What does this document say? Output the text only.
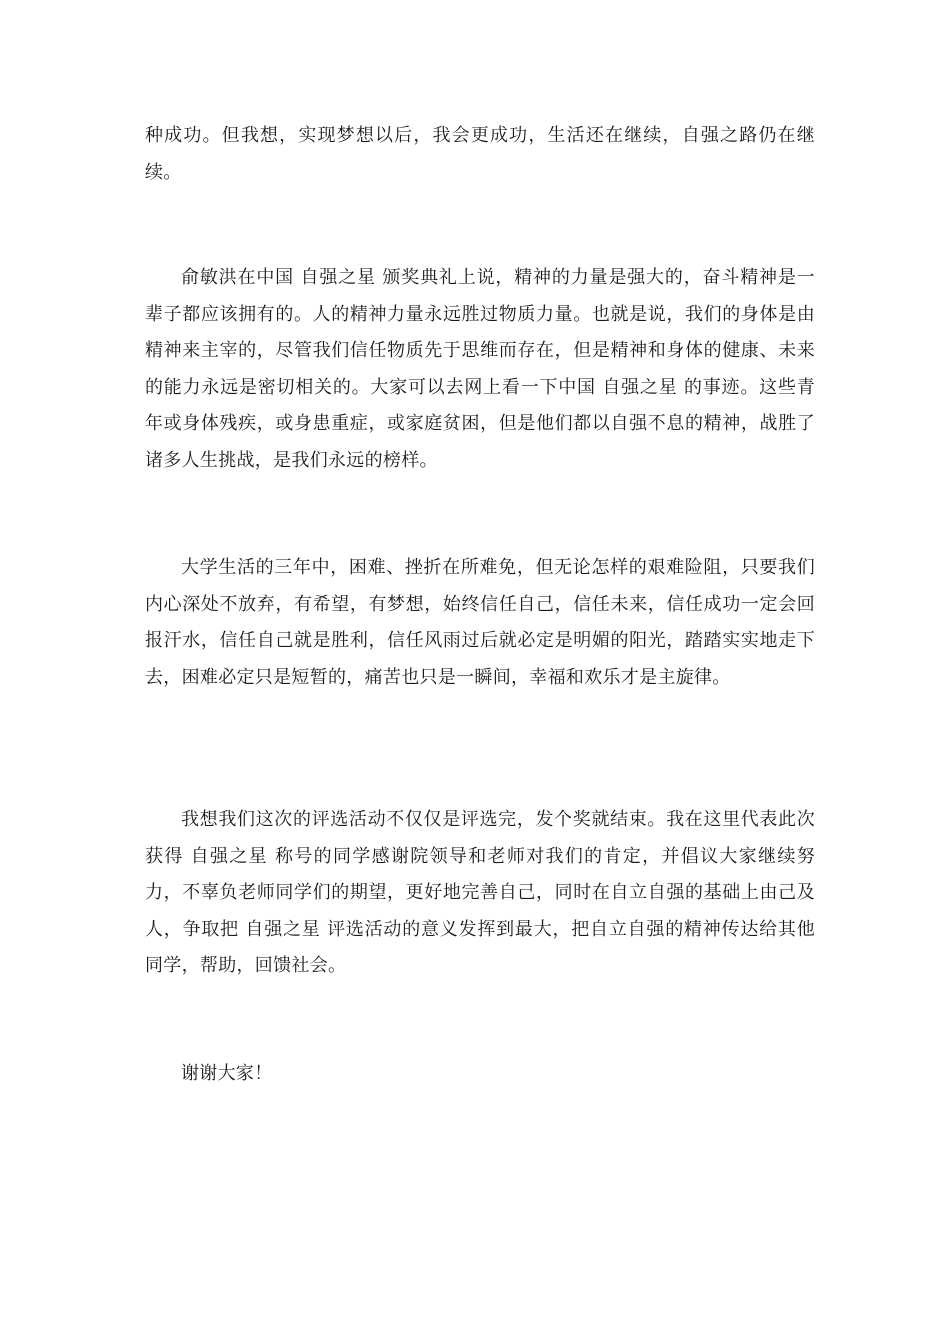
种成功。但我想，实现梦想以后，我会更成功，生活还在继续，自强之路仍在继续。

俞敏洪在中国 自强之星 颁奖典礼上说，精神的力量是强大的，奋斗精神是一辈子都应该拥有的。人的精神力量永远胜过物质力量。也就是说，我们的身体是由精神来主宰的，尽管我们信任物质先于思维而存在，但是精神和身体的健康、未来的能力永远是密切相关的。大家可以去网上看一下中国 自强之星 的事迹。这些青年或身体残疾，或身患重症，或家庭贫困，但是他们都以自强不息的精神，战胜了诸多人生挑战，是我们永远的榜样。

大学生活的三年中，困难、挫折在所难免，但无论怎样的艰难险阻，只要我们内心深处不放弃，有希望，有梦想，始终信任自己，信任未来，信任成功一定会回报汗水，信任自己就是胜利，信任风雨过后就必定是明媚的阳光，踏踏实实地走下去，困难必定只是短暂的，痛苦也只是一瞬间，幸福和欢乐才是主旋律。

我想我们这次的评选活动不仅仅是评选完，发个奖就结束。我在这里代表此次获得 自强之星 称号的同学感谢院领导和老师对我们的肯定，并倡议大家继续努力，不辜负老师同学们的期望，更好地完善自己，同时在自立自强的基础上由己及人，争取把 自强之星 评选活动的意义发挥到最大，把自立自强的精神传达给其他同学，帮助，回馈社会。

谢谢大家！
